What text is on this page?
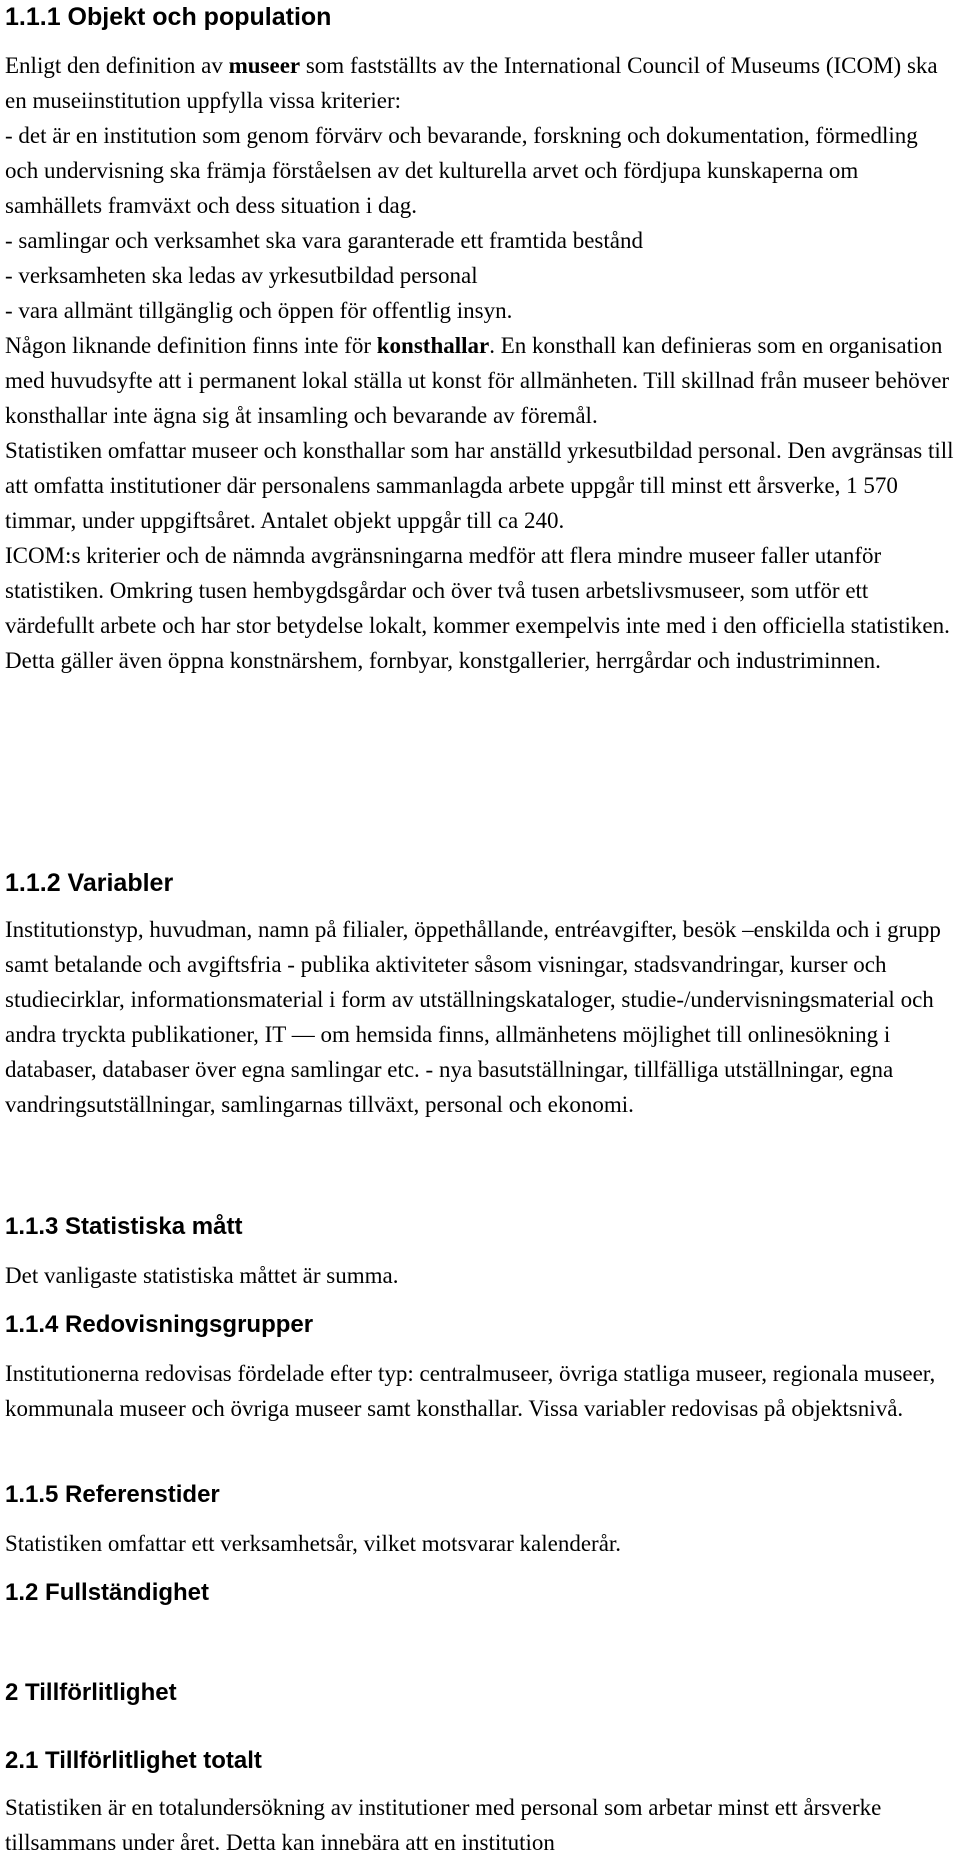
1.1.1 Objekt och population

Enligt den definition av museer som fastställts av the International Council of Museums (ICOM) ska en museiinstitution uppfylla vissa kriterier:
- det är en institution som genom förvärv och bevarande, forskning och dokumentation, förmedling och undervisning ska främja förståelsen av det kulturella arvet och fördjupa kunskaperna om samhällets framväxt och dess situation i dag.
- samlingar och verksamhet ska vara garanterade ett framtida bestånd
- verksamheten ska ledas av yrkesutbildad personal
- vara allmänt tillgänglig och öppen för offentlig insyn.
Någon liknande definition finns inte för konsthallar. En konsthall kan definieras som en organisation med huvudsyfte att i permanent lokal ställa ut konst för allmänheten. Till skillnad från museer behöver konsthallar inte ägna sig åt insamling och bevarande av föremål.
Statistiken omfattar museer och konsthallar som har anställd yrkesutbildad personal. Den avgränsas till att omfatta institutioner där personalens sammanlagda arbete uppgår till minst ett årsverke, 1 570 timmar, under uppgiftsåret. Antalet objekt uppgår till ca 240.
ICOM:s kriterier och de nämnda avgränsningarna medför att flera mindre museer faller utanför statistiken. Omkring tusen hembygdsgårdar och över två tusen arbetslivsmuseer, som utför ett värdefullt arbete och har stor betydelse lokalt, kommer exempelvis inte med i den officiella statistiken. Detta gäller även öppna konstnärshem, fornbyar, konstgallerier, herrgårdar och industriminnen.

1.1.2 Variabler

Institutionstyp, huvudman, namn på filialer, öppethållande, entréavgifter, besök –enskilda och i grupp samt betalande och avgiftsfria - publika aktiviteter såsom visningar, stadsvandringar, kurser och studiecirklar, informationsmaterial i form av utställningskataloger, studie-/undervisningsmaterial och andra tryckta publikationer, IT — om hemsida finns, allmänhetens möjlighet till onlinesökning i databaser, databaser över egna samlingar etc. - nya basutställningar, tillfälliga utställningar, egna vandringsutställningar, samlingarnas tillväxt, personal och ekonomi.

1.1.3 Statistiska mått

Det vanligaste statistiska måttet är summa.

1.1.4 Redovisningsgrupper

Institutionerna redovisas fördelade efter typ: centralmuseer, övriga statliga museer, regionala museer, kommunala museer och övriga museer samt konsthallar. Vissa variabler redovisas på objektsnivå.

1.1.5 Referenstider

Statistiken omfattar ett verksamhetsår, vilket motsvarar kalenderår.

1.2 Fullständighet
2 Tillförlitlighet
2.1 Tillförlitlighet totalt

Statistiken är en totalundersökning av institutioner med personal som arbetar minst ett årsverke tillsammans under året. Detta kan innebära att en institution
